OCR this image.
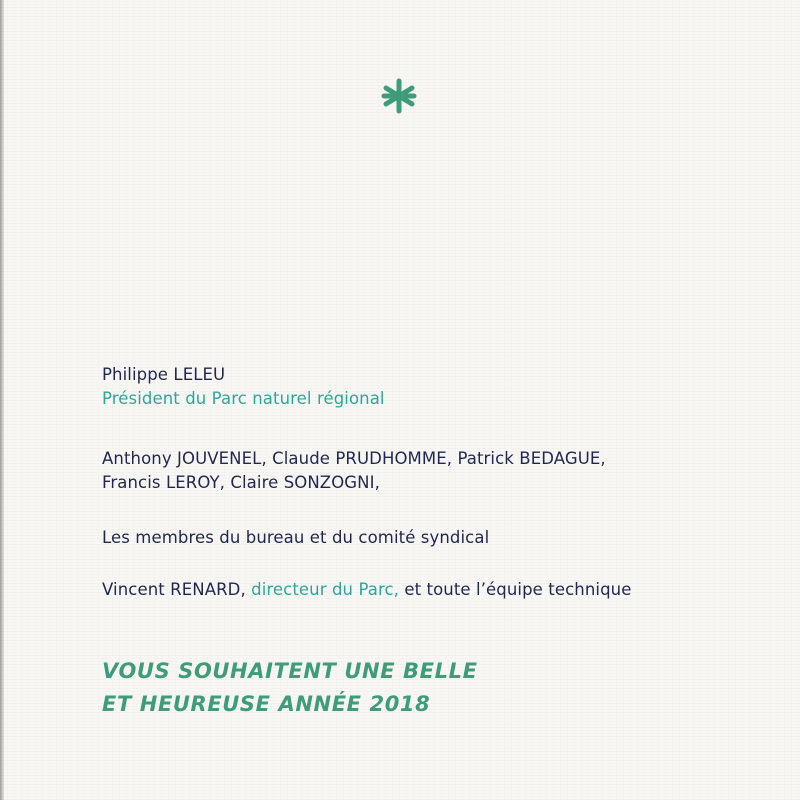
Philippe LELEU
Président du Parc naturel régional
Anthony JOUVENEL, Claude PRUDHOMME, Patrick BEDAGUE,
Francis LEROY, Claire SONZOGNI,
Les membres du bureau et du comité syndical
Vincent RENARD, directeur du Parc, et toute l’équipe technique
VOUS SOUHAITENT UNE BELLE
ET HEUREUSE ANNÉE 2018
